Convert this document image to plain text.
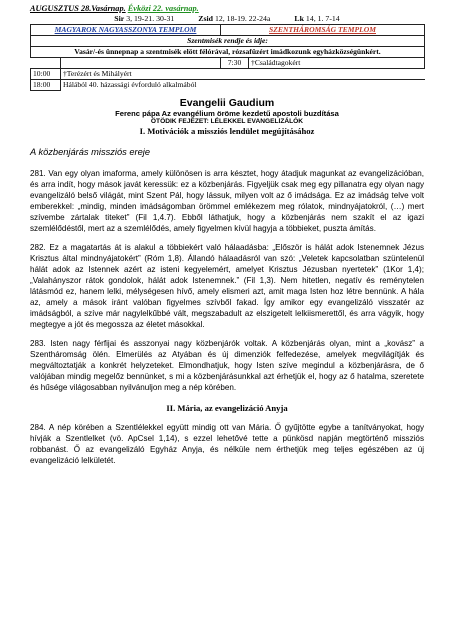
AUGUSZTUS 28.Vasárnap. Évközi 22. vasárnap.
Sir 3, 19-21. 30-31	Zsid 12, 18-19. 22-24a	Lk 14, 1. 7-14
MAGYAROK NAGYASSZONYA TEMPLOM		SZENTHÁROMSÁG TEMPLOM	
Szentmisék rendje és idje:			
Vasár/-és ünnepnap a szentmisék elött félórával, rózsafüzért imádkozunk egyházközségünkért.			
		7:30	†Családtagokért
10:00	†Terézért és Mihályért		
18:00	Hálából 40. házassági évforduló alkalmából		
Evangelii Gaudium
Ferenc pápa Az evangélium öröme kezdetű apostoli buzdítása
ÖTÖDIK FEJEZET: LÉLEKKEL EVANGELIZÁLÓK
I. Motivációk a missziós lendület megújításához
A közbenjárás missziós ereje

281. Van egy olyan imaforma, amely különösen is arra késztet, hogy átadjuk magunkat az evangelizációban, és arra indít, hogy mások javát keressük: ez a közbenjárás. Figyeljük csak meg egy pillanatra egy olyan nagy evangelizáló belső világát, mint Szent Pál, hogy lássuk, milyen volt az ő imádsága. Ez az imádság telve volt emberekkel: „mindig, minden imádságomban örömmel emlékezem meg rólatok, mindnyájatokról, (…) mert szívembe zártalak titeket” (Fil 1,4.7). Ebből láthatjuk, hogy a közbenjárás nem szakít el az igazi szemlélődéstől, mert az a szemlélődés, amely figyelmen kívül hagyja a többieket, puszta ámítás.

282. Ez a magatartás át is alakul a többiekért való hálaadásba: „Először is hálát adok Istenemnek Jézus Krisztus által mindnyájatokért” (Róm 1,8). Állandó hálaadásról van szó: „Veletek kapcsolatban szüntelenül hálát adok az Istennek azért az isteni kegyelemért, amelyet Krisztus Jézusban nyertetek” (1Kor 1,4); „Valahányszor rátok gondolok, hálát adok Istenemnek.” (Fil 1,3). Nem hitetlen, negatív és reménytelen látásmód ez, hanem lelki, mélységesen hívő, amely elismeri azt, amit maga Isten hoz létre bennünk. A hála az, amely a mások iránt valóban figyelmes szívből fakad. Így amikor egy evangelizáló visszatér az imádságból, a szíve már nagylelkűbbé vált, megszabadult az elszigetelt lelkiismerettől, és arra vágyik, hogy megtegye a jót és megossza az életet másokkal.

283. Isten nagy férfijai és asszonyai nagy közbenjárók voltak. A közbenjárás olyan, mint a „kovász” a Szentháromság ölén. Elmerülés az Atyában és új dimenziók felfedezése, amelyek megvilágítják és megváltoztatják a konkrét helyzeteket. Elmondhatjuk, hogy Isten szíve megindul a közbenjárásra, de ő valójában mindig megelőz bennünket, s mi a közbenjárásunkkal azt érhetjük el, hogy az ő hatalma, szeretete és hűsége világosabban nyilvánuljon meg a nép körében.

II. Mária, az evangelizáció Anyja

284. A nép körében a Szentlélekkel együtt mindig ott van Mária. Ő gyűjtötte egybe a tanítványokat, hogy hívják a Szentlelket (vö. ApCsel 1,14), s ezzel lehetővé tette a pünkösd napján megtörténő missziós robbanást. Ő az evangelizáló Egyház Anyja, és nélküle nem érthetjük meg teljes egészében az új evangelizáció lelkületét.
